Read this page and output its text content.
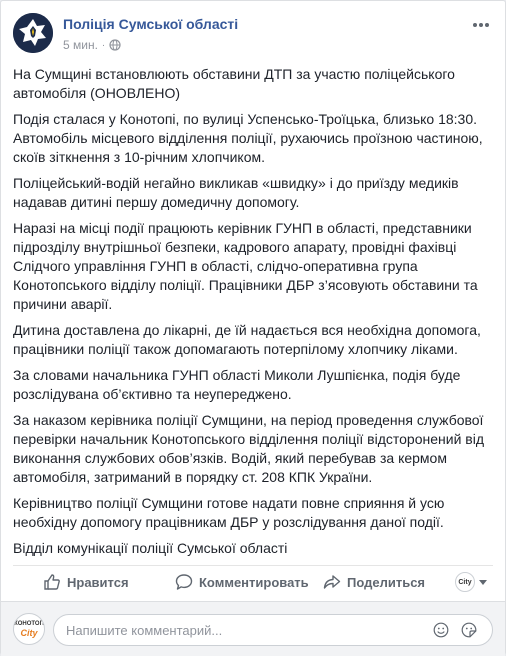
Поліція Сумської області
5 мин. ·

На Сумщині встановлюють обставини ДТП за участю поліцейського автомобіля (ОНОВЛЕНО)

Подія сталася у Конотопі, по вулиці Успенсько-Троїцька, близько 18:30. Автомобіль місцевого відділення поліції, рухаючись проїзною частиною, скоїв зіткнення з 10-річним хлопчиком.

Поліцейський-водій негайно викликав «швидку» і до приїзду медиків надавав дитині першу домедичну допомогу.

Наразі на місці події працюють керівник ГУНП в області, представники підрозділу внутрішньої безпеки, кадрового апарату, провідні фахівці Слідчого управління ГУНП в області, слідчо-оперативна група Конотопського відділу поліції. Працівники ДБР з’ясовують обставини та причини аварії.

Дитина доставлена до лікарні, де їй надається вся необхідна допомога, працівники поліції також допомагають потерпілому хлопчику ліками.

За словами начальника ГУНП області Миколи Лушпієнка, подія буде розслідувана об’єктивно та неупереджено.

За наказом керівника поліції Сумщини, на період проведення службової перевірки начальник Конотопського відділення поліції відсторонений від виконання службових обов’язків. Водій, який перебував за кермом автомобіля, затриманий в порядку ст. 208 КПК України.

Керівництво поліції Сумщини готове надати повне сприяння й усю необхідну допомогу працівникам ДБР у розслідування даної події.

Відділ комунікації поліції Сумської області

Нравится	Комментировать	Поделиться	City
КОНОТОП
City
Напишите комментарий...
